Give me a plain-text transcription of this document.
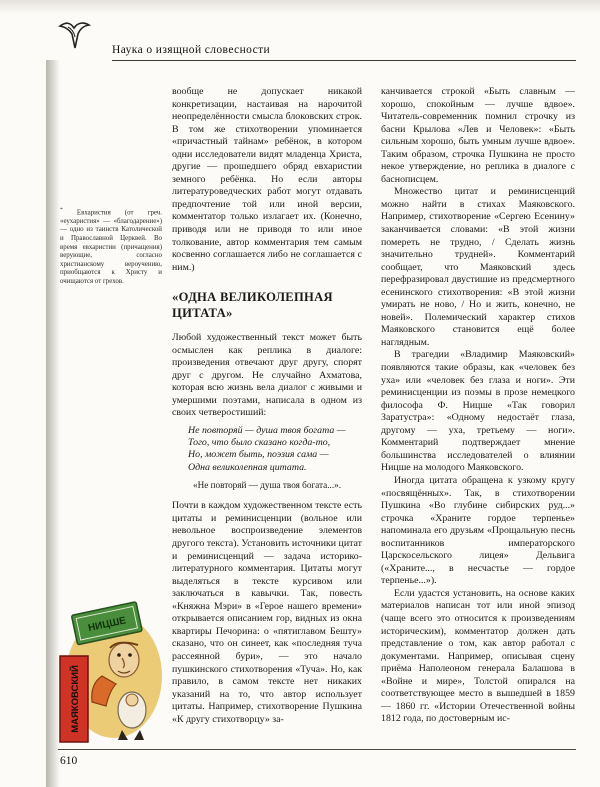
Наука о изящной словесности

* Евхаристия (от греч. «еухаристия» — «благодарение») — одно из таинств Католической и Православной Церквей. Во время евхаристии (причащения) верующие, согласно христианскому вероучению, приобщаются к Христу и очищаются от грехов.

НИЦШЕ
МАЯКОВСКИЙ

вообще не допускает никакой конкретизации, настаивая на нарочитой неопределённости смысла блоковских строк. В том же стихотворении упоминается «причастный тайнам» ребёнок, в котором одни исследователи видят младенца Христа, другие — прошедшего обряд евхаристии земного ребёнка. Но если авторы литературоведческих работ могут отдавать предпочтение той или иной версии, комментатор только излагает их. (Конечно, приводя или не приводя то или иное толкование, автор комментария тем самым косвенно соглашается либо не соглашается с ним.)

«ОДНА ВЕЛИКОЛЕПНАЯ ЦИТАТА»

Любой художественный текст может быть осмыслен как реплика в диалоге: произведения отвечают друг другу, спорят друг с другом. Не случайно Ахматова, которая всю жизнь вела диалог с живыми и умершими поэтами, написала в одном из своих четверостиший:

Не повторяй — душа твоя богата —
Того, что было сказано когда-то,
Но, может быть, поэзия сама —
Одна великолепная цитата.
«Не повторяй — душа твоя богата...».

Почти в каждом художественном тексте есть цитаты и реминисценции (вольное или невольное воспроизведение элементов другого текста). Установить источники цитат и реминисценций — задача историко-литературного комментария. Цитаты могут выделяться в тексте курсивом или заключаться в кавычки. Так, повесть «Княжна Мэри» в «Герое нашего времени» открывается описанием гор, видных из окна квартиры Печорина: о «пятиглавом Бешту» сказано, что он синеет, как «последняя туча рассеянной бури», — это начало пушкинского стихотворения «Туча». Но, как правило, в самом тексте нет никаких указаний на то, что автор использует цитаты. Например, стихотворение Пушкина «К другу стихотворцу» за-

канчивается строкой «Быть славным — хорошо, спокойным — лучше вдвое». Читатель-современник помнил строчку из басни Крылова «Лев и Человек»: «Быть сильным хорошо, быть умным лучше вдвое». Таким образом, строчка Пушкина не просто некое утверждение, но реплика в диалоге с баснописцем.

Множество цитат и реминисценций можно найти в стихах Маяковского. Например, стихотворение «Сергею Есенину» заканчивается словами: «В этой жизни помереть не трудно, / Сделать жизнь значительно трудней». Комментарий сообщает, что Маяковский здесь перефразировал двустишие из предсмертного есенинского стихотворения: «В этой жизни умирать не ново, / Но и жить, конечно, не новей». Полемический характер стихов Маяковского становится ещё более наглядным.

В трагедии «Владимир Маяковский» появляются такие образы, как «человек без уха» или «человек без глаза и ноги». Эти реминисценции из поэмы в прозе немецкого философа Ф. Ницше «Так говорил Заратустра»: «Одному недостаёт глаза, другому — уха, третьему — ноги». Комментарий подтверждает мнение большинства исследователей о влиянии Ницше на молодого Маяковского.

Иногда цитата обращена к узкому кругу «посвящённых». Так, в стихотворении Пушкина «Во глубине сибирских руд...» строчка «Храните гордое терпенье» напоминала его друзьям «Прощальную песнь воспитанников императорского Царскосельского лицея» Дельвига («Храните..., в несчастье — гордое терпенье...»).

Если удастся установить, на основе каких материалов написан тот или иной эпизод (чаще всего это относится к произведениям историческим), комментатор должен дать представление о том, как автор работал с документами. Например, описывая сцену приёма Наполеоном генерала Балашова в «Войне и мире», Толстой опирался на соответствующее место в вышедшей в 1859— 1860 гг. «Истории Отечественной войны 1812 года, по достоверным ис-

610
